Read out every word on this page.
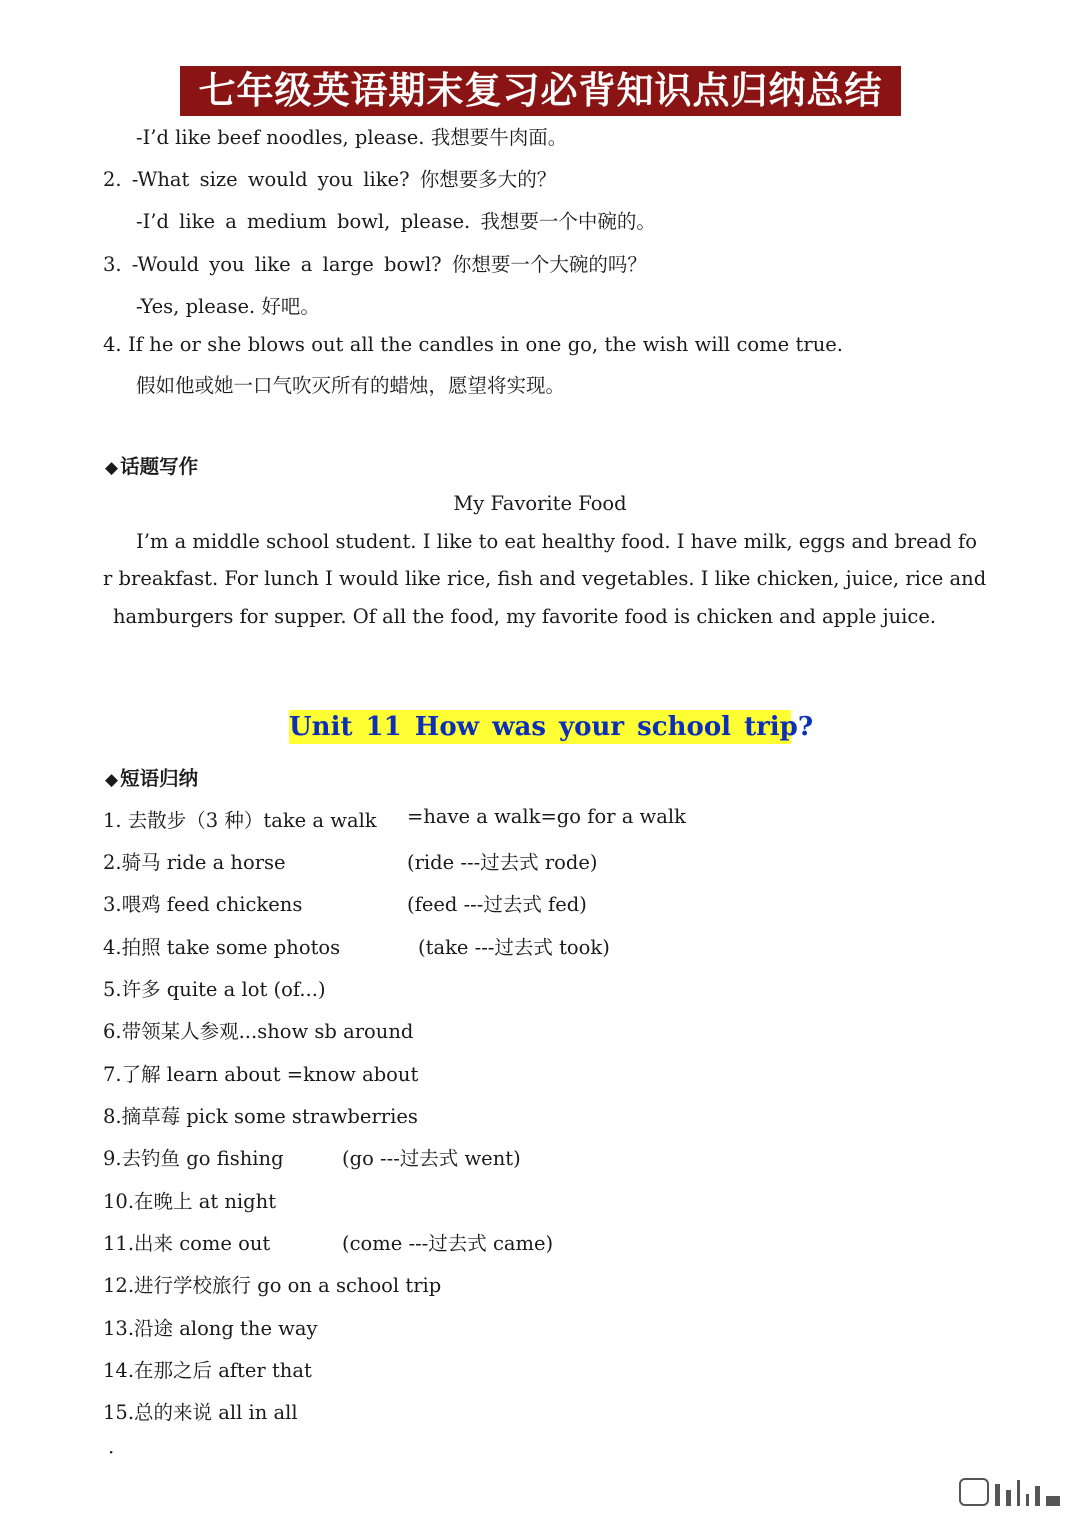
七年级英语期末复习必背知识点归纳总结
-I’d like beef noodles, please. 我想要牛肉面。
2. -What size would you like? 你想要多大的？
-I’d like a medium bowl, please. 我想要一个中碗的。
3. -Would you like a large bowl? 你想要一个大碗的吗？
-Yes, please. 好吧。
4. If he or she blows out all the candles in one go, the wish will come true.
假如他或她一口气吹灭所有的蜡烛，愿望将实现。
◆ 话题写作
My Favorite Food
I’m a middle school student. I like to eat healthy food. I have milk, eggs and bread fo
r breakfast. For lunch I would like rice, fish and vegetables. I like chicken, juice, rice and
hamburgers for supper. Of all the food, my favorite food is chicken and apple juice.
Unit 11 How was your school trip?
◆ 短语归纳
1. 去散步（3 种）take a walk
2.骑马 ride a horse
3.喂鸡 feed chickens
4.拍照 take some photos
5.许多 quite a lot (of...)
6.带领某人参观...show sb around
7.了解 learn about =know about
8.摘草莓 pick some strawberries
9.去钓鱼 go fishing
10.在晚上 at night
11.出来 come out
12.进行学校旅行 go on a school trip
13.沿途 along the way
14.在那之后 after that
15.总的来说 all in all
=have a walk=go for a walk
(ride ---过去式 rode)
(feed ---过去式 fed)
(take ---过去式 took)
(go ---过去式 went)
(come ---过去式 came)
·
